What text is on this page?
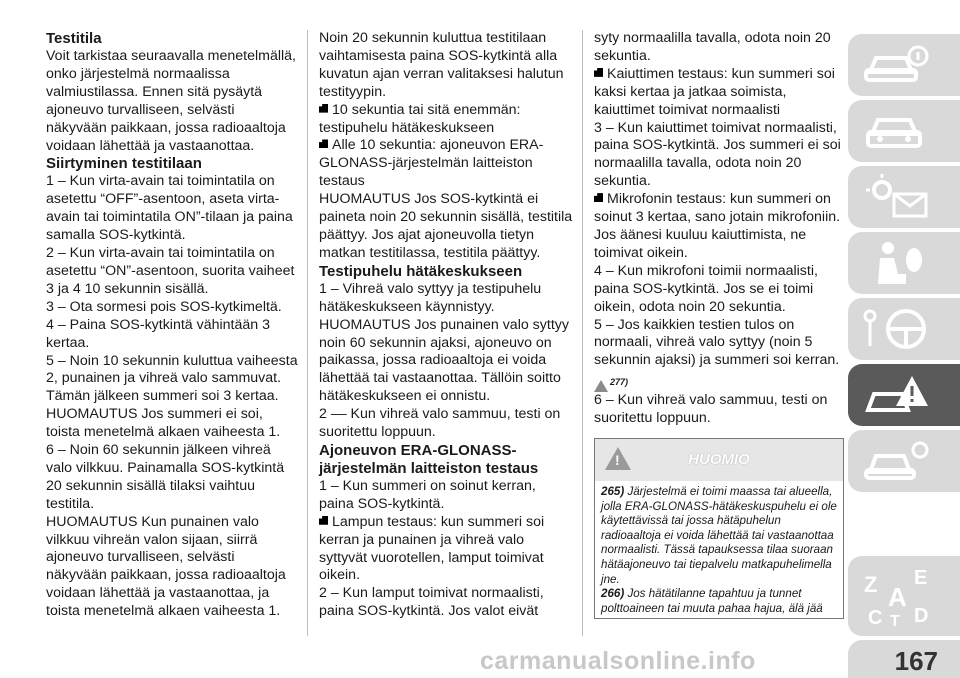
Testitila

Voit tarkistaa seuraavalla menetelmällä, onko järjestelmä normaalissa valmiustilassa. Ennen sitä pysäytä ajoneuvo turvalliseen, selvästi näkyvään paikkaan, jossa radioaaltoja voidaan lähettää ja vastaanottaa.

Siirtyminen testitilaan

1 – Kun virta-avain tai toimintatila on asetettu “OFF”-asentoon, aseta virta-avain tai toimintatila ON”-tilaan ja paina samalla SOS-kytkintä.

2 – Kun virta-avain tai toimintatila on asetettu “ON”-asentoon, suorita vaiheet 3 ja 4 10 sekunnin sisällä.

3 – Ota sormesi pois SOS-kytkimeltä.

4 – Paina SOS-kytkintä vähintään 3 kertaa.

5 – Noin 10 sekunnin kuluttua vaiheesta 2, punainen ja vihreä valo sammuvat. Tämän jälkeen summeri soi 3 kertaa.

HUOMAUTUS Jos summeri ei soi, toista menetelmä alkaen vaiheesta 1.

6 – Noin 60 sekunnin jälkeen vihreä valo vilkkuu. Painamalla SOS-kytkintä 20 sekunnin sisällä tilaksi vaihtuu testitila.

HUOMAUTUS Kun punainen valo vilkkuu vihreän valon sijaan, siirrä ajoneuvo turvalliseen, selvästi näkyvään paikkaan, jossa radioaaltoja voidaan lähettää ja vastaanottaa, ja toista menetelmä alkaen vaiheesta 1.

Noin 20 sekunnin kuluttua testitilaan vaihtamisesta paina SOS-kytkintä alla kuvatun ajan verran valitaksesi halutun testityypin.

10 sekuntia tai sitä enemmän: testipuhelu hätäkeskukseen

Alle 10 sekuntia: ajoneuvon ERA-GLONASS-järjestelmän laitteiston testaus

HUOMAUTUS Jos SOS-kytkintä ei paineta noin 20 sekunnin sisällä, testitila päättyy. Jos ajat ajoneuvolla tietyn matkan testitilassa, testitila päättyy.

Testipuhelu hätäkeskukseen

1 – Vihreä valo syttyy ja testipuhelu hätäkeskukseen käynnistyy.

HUOMAUTUS Jos punainen valo syttyy noin 60 sekunnin ajaksi, ajoneuvo on paikassa, jossa radioaaltoja ei voida lähettää tai vastaanottaa. Tällöin soitto hätäkeskukseen ei onnistu.

2 –– Kun vihreä valo sammuu, testi on suoritettu loppuun.

Ajoneuvon ERA-GLONASS-järjestelmän laitteiston testaus

1 – Kun summeri on soinut kerran, paina SOS-kytkintä.

Lampun testaus: kun summeri soi kerran ja punainen ja vihreä valo syttyvät vuorotellen, lamput toimivat oikein.

2 – Kun lamput toimivat normaalisti, paina SOS-kytkintä. Jos valot eivät

syty normaalilla tavalla, odota noin 20 sekuntia.

Kaiuttimen testaus: kun summeri soi kaksi kertaa ja jatkaa soimista, kaiuttimet toimivat normaalisti

3 – Kun kaiuttimet toimivat normaalisti, paina SOS-kytkintä. Jos summeri ei soi normaalilla tavalla, odota noin 20 sekuntia.

Mikrofonin testaus: kun summeri on soinut 3 kertaa, sano jotain mikrofoniin. Jos äänesi kuuluu kaiuttimista, ne toimivat oikein.

4 – Kun mikrofoni toimii normaalisti, paina SOS-kytkintä. Jos se ei toimi oikein, odota noin 20 sekuntia.

5 – Jos kaikkien testien tulos on normaali, vihreä valo syttyy (noin 5 sekunnin ajaksi) ja summeri soi kerran.

277)

6 – Kun vihreä valo sammuu, testi on suoritettu loppuun.

!	HUOMIO

265) Järjestelmä ei toimi maassa tai alueella, jolla ERA-GLONASS-hätäkeskuspuhelu ei ole käytettävissä tai jossa hätäpuhelun radioaaltoja ei voida lähettää tai vastaanottaa normaalisti. Tässä tapauksessa tilaa suoraan hätäajoneuvo tai tiepalvelu matkapuhelimella jne.

266) Jos hätätilanne tapahtuu ja tunnet polttoaineen tai muuta pahaa hajua, älä jää

Z E
A
C D
T
167
carmanualsonline.info
